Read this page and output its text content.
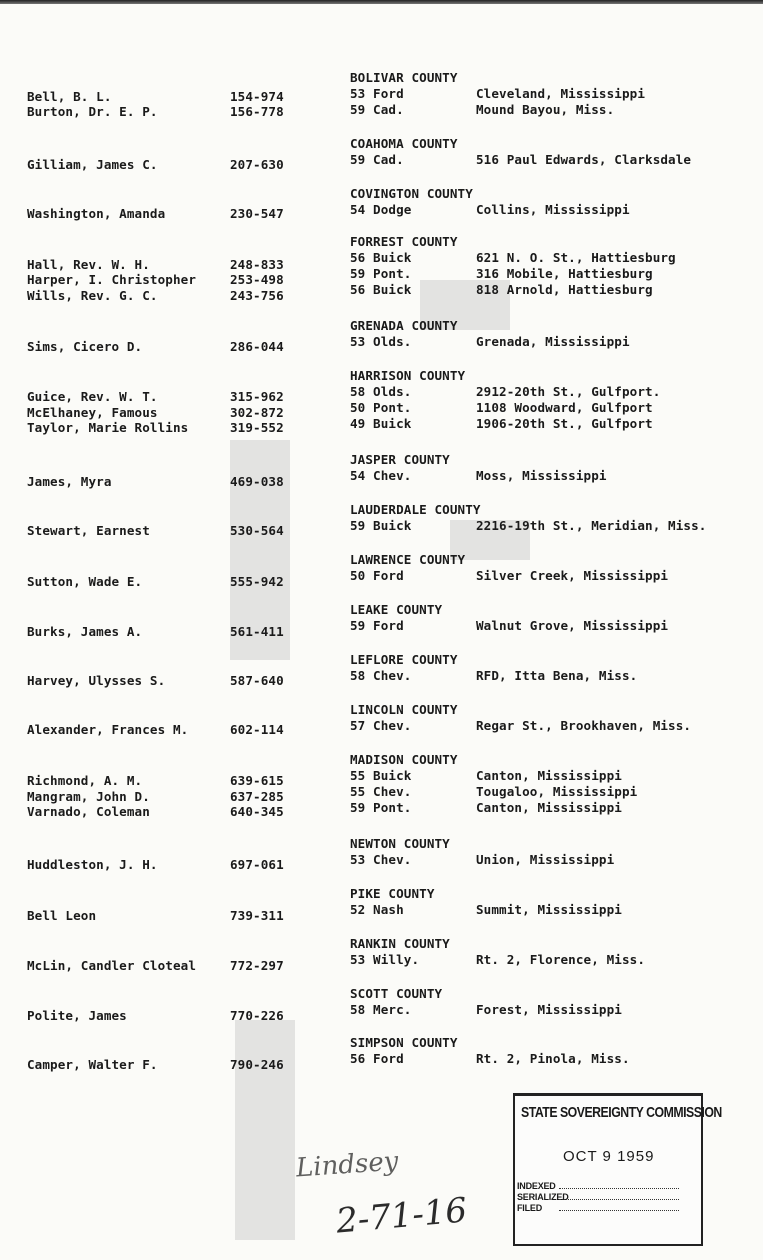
Bell, B. L.	154-974
Burton, Dr. E. P.	156-778
Gilliam, James C.	207-630
Washington, Amanda	230-547
Hall, Rev. W. H.	248-833
Harper, I. Christopher	253-498
Wills, Rev. G. C.	243-756
Sims, Cicero D.	286-044
Guice, Rev. W. T.	315-962
McElhaney, Famous	302-872
Taylor, Marie Rollins	319-552
James, Myra	469-038
Stewart, Earnest	530-564
Sutton, Wade E.	555-942
Burks, James A.	561-411
Harvey, Ulysses S.	587-640
Alexander, Frances M.	602-114
Richmond, A. M.	639-615
Mangram, John D.	637-285
Varnado, Coleman	640-345
Huddleston, J. H.	697-061
Bell Leon	739-311
McLin, Candler Cloteal	772-297
Polite, James	770-226
Camper, Walter F.	790-246
BOLIVAR COUNTY
53 Ford	Cleveland, Mississippi
59 Cad.	Mound Bayou, Miss.
COAHOMA COUNTY
59 Cad.	516 Paul Edwards, Clarksdale
COVINGTON COUNTY
54 Dodge	Collins, Mississippi
FORREST COUNTY
56 Buick	621 N. O. St., Hattiesburg
59 Pont.	316 Mobile, Hattiesburg
56 Buick	818 Arnold, Hattiesburg
GRENADA COUNTY
53 Olds.	Grenada, Mississippi
HARRISON COUNTY
58 Olds.	2912-20th St., Gulfport.
50 Pont.	1108 Woodward, Gulfport
49 Buick	1906-20th St., Gulfport
JASPER COUNTY
54 Chev.	Moss, Mississippi
LAUDERDALE COUNTY
59 Buick	2216-19th St., Meridian, Miss.
LAWRENCE COUNTY
50 Ford	Silver Creek, Mississippi
LEAKE COUNTY
59 Ford	Walnut Grove, Mississippi
LEFLORE COUNTY
58 Chev.	RFD, Itta Bena, Miss.
LINCOLN COUNTY
57 Chev.	Regar St., Brookhaven, Miss.
MADISON COUNTY
55 Buick	Canton, Mississippi
55 Chev.	Tougaloo, Mississippi
59 Pont.	Canton, Mississippi
NEWTON COUNTY
53 Chev.	Union, Mississippi
PIKE COUNTY
52 Nash	Summit, Mississippi
RANKIN COUNTY
53 Willy.	Rt. 2, Florence, Miss.
SCOTT COUNTY
58 Merc.	Forest, Mississippi
SIMPSON COUNTY
56 Ford	Rt. 2, Pinola, Miss.
STATE SOVEREIGNTY COMMISSION
OCT 9 1959
INDEXED
SERIALIZED
FILED
Lindsey
2-71-16
